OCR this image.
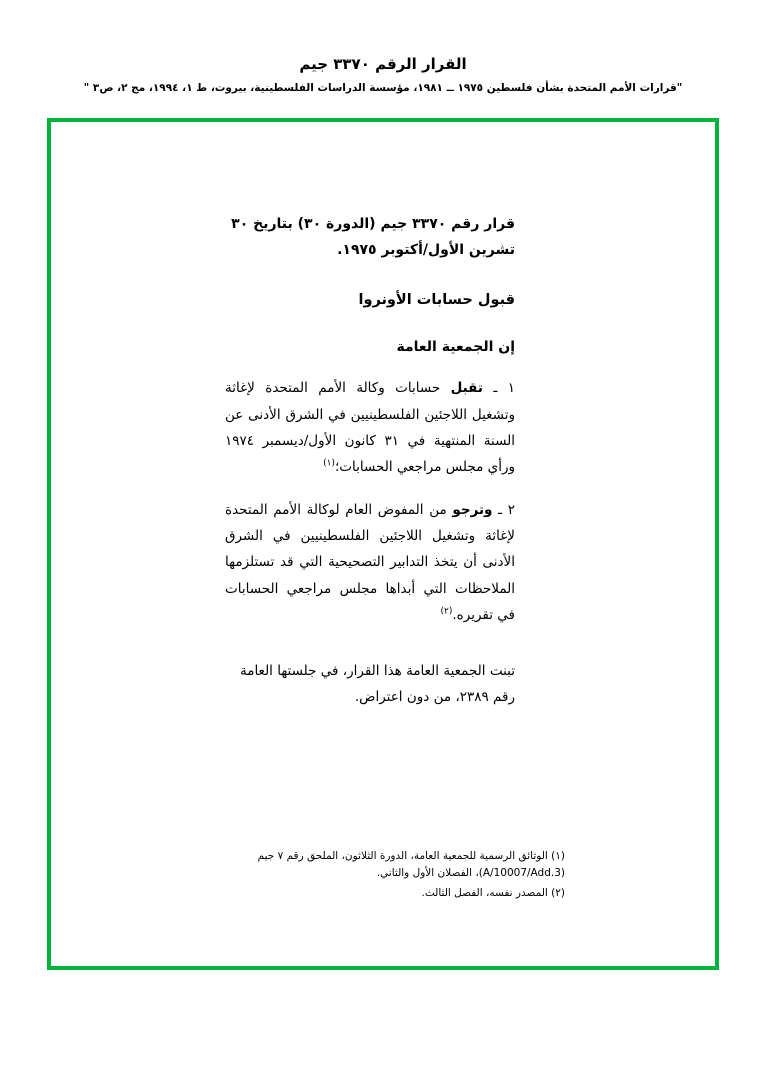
القرار الرقم ٣٣٧٠ جيم
"قرارات الأمم المتحدة بشأن فلسطين ١٩٧٥ ــ ١٩٨١، مؤسسة الدراسات الفلسطينية، بيروت، ط ١، ١٩٩٤، مج ٢، ص٣ "
قرار رقم ٣٣٧٠ جيم (الدورة ٣٠) بتاريخ ٣٠ تشرين الأول/أكتوبر ١٩٧٥.
قبول حسابات الأونروا
إن الجمعية العامة
١ ـ تقبل حسابات وكالة الأمم المتحدة لإغاثة وتشغيل اللاجئين الفلسطينيين في الشرق الأدنى عن السنة المنتهية في ٣١ كانون الأول/ديسمبر ١٩٧٤ ورأي مجلس مراجعي الحسابات؛$^{(١)}$
٢ ـ وترجو من المفوض العام لوكالة الأمم المتحدة لإغاثة وتشغيل اللاجئين الفلسطينيين في الشرق الأدنى أن يتخذ التدابير التصحيحية التي قد تستلزمها الملاحظات التي أبداها مجلس مراجعي الحسابات في تقريره.$^{(٢)}$
تبنت الجمعية العامة هذا القرار، في جلستها العامة رقم ٢٣٨٩، من دون اعتراض.
(١) الوثائق الرسمية للجمعية العامة، الدورة الثلاثون، الملحق رقم ٧ جيم (A/10007/Add.3)، الفصلان الأول والثاني.
(٢) المصدر نفسه، الفصل الثالث.
